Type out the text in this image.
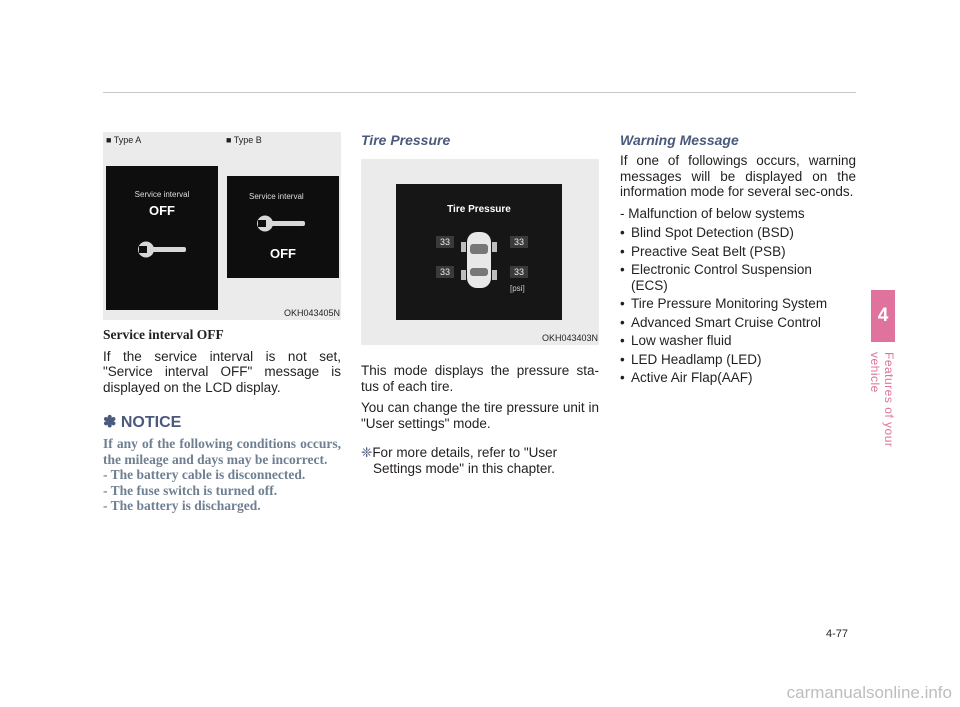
■ Type A	■ Type B
Service interval
OFF
Service interval
OFF
OKH043405N
Service interval OFF

If the service interval is not set, "Service interval OFF" message is displayed on the LCD display.

✽ NOTICE
If any of the following conditions occurs, the mileage and days may be incorrect.
- The battery cable is disconnected.
- The fuse switch is turned off.
- The battery is discharged.
Tire Pressure
Tire Pressure
33	33
33	33
[psi]
OKH043403N

This mode displays the pressure sta-tus of each tire.

You can change the tire pressure unit in "User settings" mode.

❈For more details, refer to "User
Settings mode" in this chapter.
Warning Message

If one of followings occurs, warning messages will be displayed on the information mode for several sec-onds.

- Malfunction of below systems
• Blind Spot Detection (BSD)
• Preactive Seat Belt (PSB)
• Electronic Control Suspension
(ECS)
• Tire Pressure Monitoring System
• Advanced Smart Cruise Control
• Low washer fluid
• LED Headlamp (LED)
• Active Air Flap(AAF)
4
Features of your vehicle
4-77
carmanualsonline.info
